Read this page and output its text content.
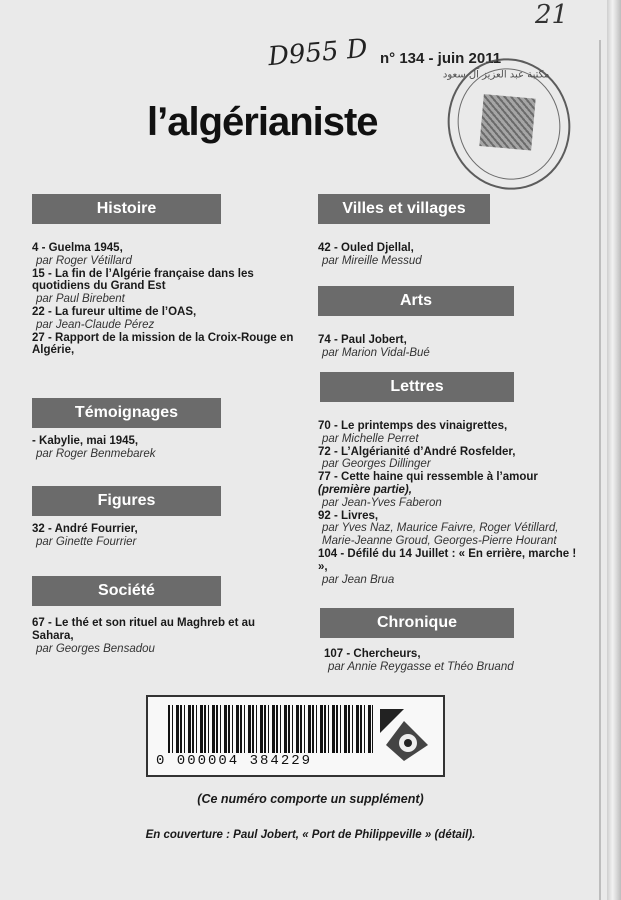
21
D955 D n° 134 - juin 2011
l’algérianiste
مكتبة عبد العزيز آل سعود
Histoire
4 - Guelma 1945,
par Roger Vétillard
15 - La fin de l’Algérie française dans les quotidiens du Grand Est
par Paul Birebent
22 - La fureur ultime de l’OAS,
par Jean-Claude Pérez
27 - Rapport de la mission de la Croix-Rouge en Algérie,
Témoignages
- Kabylie, mai 1945,
par Roger Benmebarek
Figures
32 - André Fourrier,
par Ginette Fourrier
Société
67 - Le thé et son rituel au Maghreb et au Sahara,
par Georges Bensadou
Villes et villages
42 - Ouled Djellal,
par Mireille Messud
Arts
74 - Paul Jobert,
par Marion Vidal-Bué
Lettres
70 - Le printemps des vinaigrettes,
par Michelle Perret
72 - L’Algérianité d’André Rosfelder,
par Georges Dillinger
77 - Cette haine qui ressemble à l’amour
(première partie),
par Jean-Yves Faberon
92 - Livres,
par Yves Naz, Maurice Faivre, Roger Vétillard, Marie-Jeanne Groud, Georges-Pierre Hourant
104 - Défilé du 14 Juillet : « En errière, marche ! »,
par Jean Brua
Chronique
107 - Chercheurs,
par Annie Reygasse et Théo Bruand
0 000004 384229
(Ce numéro comporte un supplément)
En couverture : Paul Jobert, « Port de Philippeville » (détail).
